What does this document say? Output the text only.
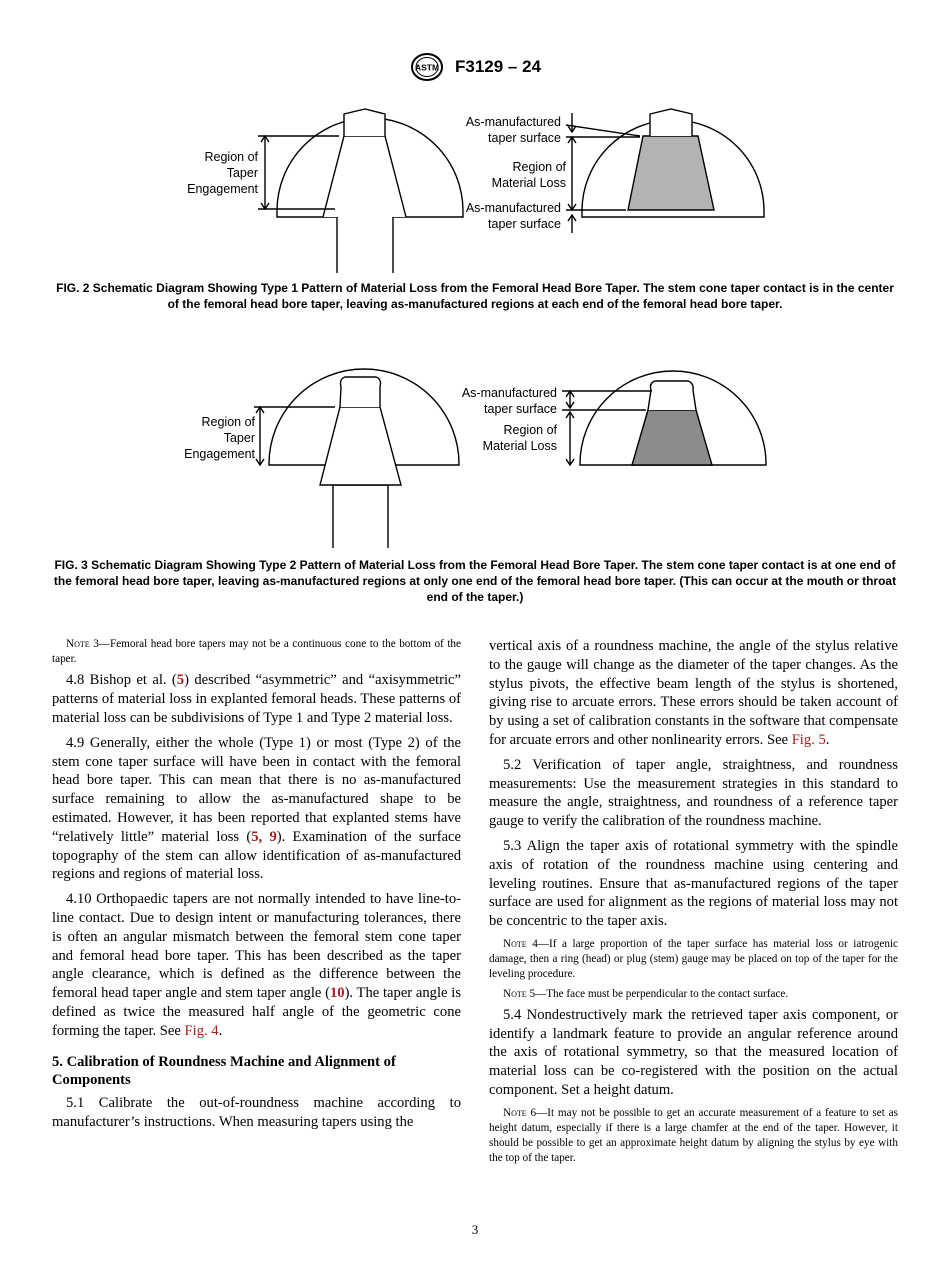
ASTM F3129 – 24
Region of
Taper
Engagement
As-manufactured
taper surface
Region of
Material Loss
As-manufactured
taper surface
FIG. 2 Schematic Diagram Showing Type 1 Pattern of Material Loss from the Femoral Head Bore Taper. The stem cone taper contact is in the center of the femoral head bore taper, leaving as-manufactured regions at each end of the femoral head bore taper.
Region of
Taper
Engagement
As-manufactured
taper surface
Region of
Material Loss
FIG. 3 Schematic Diagram Showing Type 2 Pattern of Material Loss from the Femoral Head Bore Taper. The stem cone taper contact is at one end of the femoral head bore taper, leaving as-manufactured regions at only one end of the femoral head bore taper. (This can occur at the mouth or throat end of the taper.)

Note 3—Femoral head bore tapers may not be a continuous cone to the bottom of the taper.

4.8 Bishop et al. (5) described “asymmetric” and “axisymmetric” patterns of material loss in explanted femoral heads. These patterns of material loss can be subdivisions of Type 1 and Type 2 material loss.

4.9 Generally, either the whole (Type 1) or most (Type 2) of the stem cone taper surface will have been in contact with the femoral head bore taper. This can mean that there is no as-manufactured surface remaining to allow the as-manufactured shape to be estimated. However, it has been reported that explanted stems have “relatively little” material loss (5, 9). Examination of the surface topography of the stem can allow identification of as-manufactured regions and regions of material loss.

4.10 Orthopaedic tapers are not normally intended to have line-to-line contact. Due to design intent or manufacturing tolerances, there is often an angular mismatch between the femoral stem cone taper and femoral head bore taper. This has been described as the taper angle clearance, which is defined as the difference between the femoral head taper angle and stem taper angle (10). The taper angle is defined as twice the measured half angle of the geometric cone forming the taper. See Fig. 4.

5. Calibration of Roundness Machine and Alignment of Components

5.1 Calibrate the out-of-roundness machine according to manufacturer’s instructions. When measuring tapers using the

vertical axis of a roundness machine, the angle of the stylus relative to the gauge will change as the diameter of the taper changes. As the stylus pivots, the effective beam length of the stylus is shortened, giving rise to arcuate errors. These errors should be taken account of by using a set of calibration constants in the software that compensate for arcuate errors and other nonlinearity errors. See Fig. 5.

5.2 Verification of taper angle, straightness, and roundness measurements: Use the measurement strategies in this standard to measure the angle, straightness, and roundness of a reference taper gauge to verify the calibration of the roundness machine.

5.3 Align the taper axis of rotational symmetry with the spindle axis of rotation of the roundness machine using centering and leveling routines. Ensure that as-manufactured regions of the taper surface are used for alignment as the regions of material loss may not be concentric to the taper axis.

Note 4—If a large proportion of the taper surface has material loss or iatrogenic damage, then a ring (head) or plug (stem) gauge may be placed on top of the taper for the leveling procedure.

Note 5—The face must be perpendicular to the contact surface.

5.4 Nondestructively mark the retrieved taper axis component, or identify a landmark feature to provide an angular reference around the axis of rotational symmetry, so that the measured location of material loss can be co-registered with the position on the actual component. Set a height datum.

Note 6—It may not be possible to get an accurate measurement of a feature to set as height datum, especially if there is a large chamfer at the end of the taper. However, it should be possible to get an approximate height datum by aligning the stylus by eye with the top of the taper.

3
